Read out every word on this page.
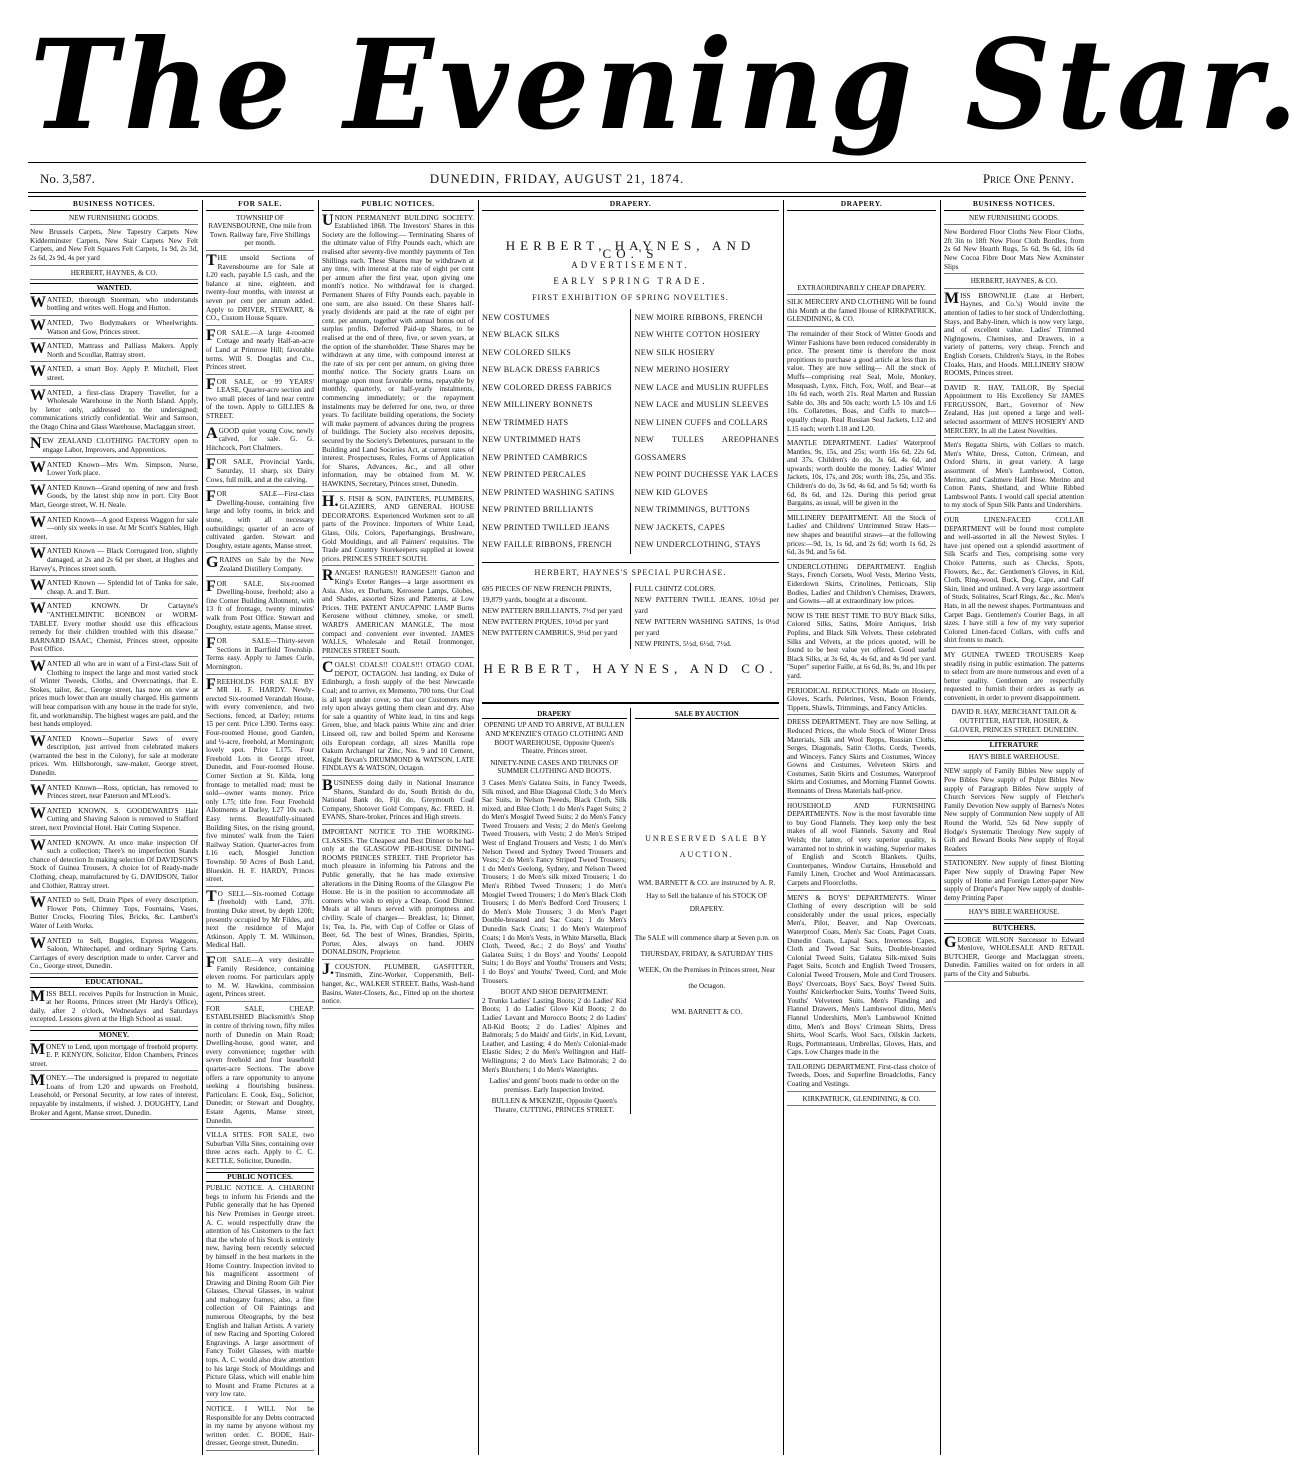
The Evening Star.
No. 3,587.	DUNEDIN, FRIDAY, AUGUST 21, 1874.	Price One Penny.
BUSINESS NOTICES.
NEW FURNISHING GOODS.
New Brussels Carpets, New Tapestry Carpets New Kidderminster Carpets, New Stair Carpets New Felt Carpets, and New Felt Squares Felt Carpets, 1s 9d, 2s 3d, 2s 6d, 2s 9d, 4s per yard
HERBERT, HAYNES, & CO.
WANTED.
WANTED, thorough Storeman, who understands bottling and writes well. Hogg and Hutton.
WANTED, Two Bodymakers or Wheelwrights. Watson and Gow, Princes street.
WANTED, Mattrass and Palliass Makers. Apply North and Scoullar, Rattray street.
WANTED, a smart Boy. Apply P. Mitchell, Fleet street.
WANTED, a first-class Drapery Traveller, for a Wholesale Warehouse in the North Island. Apply, by letter only, addressed to the undersigned; communications strictly confidential. Weir and Samson, the Otago China and Glass Warehouse, Maclaggan street.
NEW ZEALAND CLOTHING FACTORY open to engage Labor, Improvers, and Apprentices.
WANTED Known—Mrs Wm. Simpson, Nurse, Lower York place.
WANTED Known—Grand opening of new and fresh Goods, by the latest ship now in port. City Boot Mart, George street, W. H. Neale.
WANTED Known—A good Express Waggon for sale—only six weeks in use. At Mr Scott's Stables, High street.
WANTED Known — Black Corrugated Iron, slightly damaged, at 2s and 2s 6d per sheet, at Hughes and Harvey's, Princes street south.
WANTED Known — Splendid lot of Tanks for sale, cheap. A. and T. Burt.
WANTED KNOWN. Dr Cartayne's "ANTHELMINTIC BONBON or WORM-TABLET. Every mother should use this efficacious remedy for their children troubled with this disease." BARNARD ISAAC, Chemist, Princes street, opposite Post Office.
WANTED all who are in want of a First-class Suit of Clothing to inspect the large and most varied stock of Winter Tweeds, Cloths, and Overcoatings, that E. Stokes, tailor, &c., George street, has now on view at prices much lower than are usually charged. His garments will bear comparison with any house in the trade for style, fit, and workmanship. The highest wages are paid, and the best hands employed.
WANTED Known—Superior Saws of every description, just arrived from celebrated makers (warranted the best in the Colony), for sale at moderate prices. Wm. Hillsborough, saw-maker, George street, Dunedin.
WANTED Known—Ross, optician, has removed to Princes street, near Paterson and M'Leod's.
WANTED KNOWN. S. GOODEWARD'S Hair Cutting and Shaving Saloon is removed to Stafford street, next Provincial Hotel. Hair Cutting Sixpence.
WANTED KNOWN. At once make inspection Of such a collection; There's no imperfection Stands chance of detection In making selection Of DAVIDSON'S Stock of Guinea Trousers, A choice lot of Ready-made Clothing, cheap, manufactured by G. DAVIDSON, Tailor and Clothier, Rattray street.
WANTED to Sell, Drain Pipes of every description, Flower Pots, Chimney Tops, Fountains, Vases, Butter Crocks, Flooring Tiles, Bricks, &c. Lambert's Water of Leith Works.
WANTED to Sell, Buggies, Express Waggons, Saloon, Whitechapel, and ordinary Spring Carts. Carriages of every description made to order. Carver and Co., George street, Dunedin.
EDUCATIONAL.
MISS BELL receives Pupils for Instruction in Music, at her Rooms, Princes street (Mr Hardy's Office), daily, after 2 o'clock, Wednesdays and Saturdays excepted. Lessons given at the High School as usual.
MONEY.
MONEY to Lend, upon mortgage of freehold property. E. P. KENYON, Solicitor, Eldon Chambers, Princes street.
MONEY.—The undersigned is prepared to negotiate Loans of from L20 and upwards on Freehold, Leasehold, or Personal Security, at low rates of interest, repayable by instalments, if wished. J. DOUGHTY, Land Broker and Agent, Manse street, Dunedin.
FOR SALE.
TOWNSHIP OF RAVENSBOURNE, One mile from Town. Railway fare, Five Shillings per month.
THE unsold Sections of Ravensbourne are for Sale at L20 each, payable L5 cash, and the balance at nine, eighteen, and twenty-four months, with interest at seven per cent per annum added. Apply to DRIVER, STEWART, & CO., Custom House Square.
FOR SALE.—A large 4-roomed Cottage and nearly Half-an-acre of Land at Primrose Hill; favorable terms. Will S. Douglas and Co., Princes street.
FOR SALE, or 99 YEARS' LEASE, Quarter-acre section and two small pieces of land near centre of the town. Apply to GILLIES & STREET.
AGOOD quiet young Cow, newly calved, for sale. G. G. Hitchcock, Port Chalmers.
FOR SALE, Provincial Yards, Saturday, 11 sharp, six Dairy Cows, full milk, and at the calving.
FOR SALE—First-class Dwelling-house, containing five large and lofty rooms, in brick and stone, with all necessary outbuildings; quarter of an acre of cultivated garden. Stewart and Doughty, estate agents, Manse street.
GRAINS on Sale by the New Zealand Distillery Company.
FOR SALE, Six-roomed Dwelling-house, freehold; also a fine Corner Building Allotment, with 13 ft of frontage, twenty minutes' walk from Post Office. Stewart and Doughty, estate agents, Manse street.
FOR SALE—Thirty-seven Sections in Barrfield Township. Terms easy. Apply to James Curle, Mornington.
FREEHOLDS FOR SALE BY MR H. F. HARDY. Newly-erected Six-roomed Verandah House, with every convenience, and two Sections, fenced, at Darley; returns 15 per cent. Price L390. Terms easy. Four-roomed House, good Garden, and ½-acre, freehold, at Mornington; lovely spot. Price L175. Four Freehold Lots in George street, Dunedin, and Four-roomed House. Corner Section at St. Kilda, long frontage to metalled road; must be sold—owner wants money. Price only L75; title free. Four Freehold Allotments at Darley, L27 10s each. Easy terms. Beautifully-situated Building Sites, on the rising ground, five minutes' walk from the Taieri Railway Station. Quarter-acres from L16 each, Mosgiel Junction Township. 50 Acres of Bush Land, Blueskin. H. F. HARDY, Princes street.
TO SELL—Six-roomed Cottage (freehold) with Land, 37ft. fronting Duke street, by depth 120ft; presently occupied by Mr Fildes, and next the residence of Major Atkinson. Apply T. M. Wilkinson, Medical Hall.
FOR SALE—A very desirable Family Residence, containing eleven rooms. For particulars apply to M. W. Hawkins, commission agent, Princes street.
FOR SALE, CHEAP. ESTABLISHED Blacksmith's Shop in centre of thriving town, fifty miles north of Dunedin on Main Road; Dwelling-house, good water, and every convenience; together with seven freehold and four leasehold quarter-acre Sections. The above offers a rare opportunity to anyone seeking a flourishing business. Particulars: E. Cook, Esq., Solicitor, Dunedin; or Stewart and Doughty, Estate Agents, Manse street, Dunedin.
VILLA SITES. FOR SALE, two Suburban Villa Sites, containing over three acres each. Apply to C. C. KETTLE, Solicitor, Dunedin.
PUBLIC NOTICES.
PUBLIC NOTICE. A. CHIARONI begs to inform his Friends and the Public generally that he has Opened his New Premises in George street. A. C. would respectfully draw the attention of his Customers to the fact that the whole of his Stock is entirely new, having been recently selected by himself in the best markets in the Home Country. Inspection invited to his magnificent assortment of Drawing and Dining Room Gilt Pier Glasses, Cheval Glasses, in walnut and mahogany frames; also, a fine collection of Oil Paintings and numerous Oleographs, by the best English and Italian Artists. A variety of new Racing and Sporting Colored Engravings. A large assortment of Fancy Toilet Glasses, with marble tops. A. C. would also draw attention to his large Stock of Mouldings and Picture Glass, which will enable him to Mount and Frame Pictures at a very low rate.
NOTICE. I WILL Not be Responsible for any Debts contracted in my name by anyone without my written order. C. BODE, Hair-dresser, George street, Dunedin.
PUBLIC NOTICES.
UNION PERMANENT BUILDING SOCIETY. Established 1868. The Investors' Shares in this Society are the following:— Terminating Shares of the ultimate value of Fifty Pounds each, which are realised after seventy-five monthly payments of Ten Shillings each. These Shares may be withdrawn at any time, with interest at the rate of eight per cent per annum after the first year, upon giving one month's notice. No withdrawal fee is charged. Permanent Shares of Fifty Pounds each, payable in one sum, are also issued. On these Shares half-yearly dividends are paid at the rate of eight per cent. per annum, together with annual bonus out of surplus profits. Deferred Paid-up Shares, to be realised at the end of three, five, or seven years, at the option of the shareholder. These Shares may be withdrawn at any time, with compound interest at the rate of six per cent per annum, on giving three months' notice. The Society grants Loans on mortgage upon most favorable terms, repayable by monthly, quarterly, or half-yearly instalments, commencing immediately; or the repayment instalments may be deferred for one, two, or three years. To facilitate building operations, the Society will make payment of advances during the progress of buildings. The Society also receives deposits, secured by the Society's Debentures, pursuant to the Building and Land Societies Act, at current rates of interest. Prospectuses, Rules, Forms of Application for Shares, Advances, &c., and all other information, may be obtained from M. W. HAWKINS, Secretary, Princes street, Dunedin.
H.S. FISH & SON, PAINTERS, PLUMBERS, GLAZIERS, AND GENERAL HOUSE DECORATORS. Experienced Workmen sent to all parts of the Province. Importers of White Lead, Glass, Oils, Colors, Paperhangings, Brushware, Gold Mouldings, and all Painters' requisites. The Trade and Country Storekeepers supplied at lowest prices. PRINCES STREET SOUTH.
RANGES! RANGES!! RANGES!!! Garton and King's Exeter Ranges—a large assortment ex Asia. Also, ex Durham, Kerosene Lamps, Globes, and Shades, assorted Sizes and Patterns, at Low Prices. THE PATENT ANUCAPNIC LAMP Burns Kerosene without chimney, smoke, or smell. WARD'S AMERICAN MANGLE, The most compact and convenient ever invented. JAMES WALLS, Wholesale and Retail Ironmonger, PRINCES STREET South.
COALS! COALS!! COALS!!! OTAGO COAL DEPOT, OCTAGON. Just landing, ex Duke of Edinburgh, a fresh supply of the best Newcastle Coal; and to arrive, ex Memento, 700 tons. Our Coal is all kept under cover, so that our Customers may rely upon always getting them clean and dry. Also for sale a quantity of White lead, in tins and kegs Green, blue, and black paints White zinc and drier Linseed oil, raw and boiled Sperm and Kerosene oils European cordage, all sizes Manilla rope Oakum Archangel tar Zinc, Nos. 9 and 10 Cement, Knight Bevan's DRUMMOND & WATSON, LATE FINDLAYS & WATSON, Octagon.
BUSINESS doing daily in National Insurance Shares, Standard do do, South British do do, National Bank do, Fiji do, Greymouth Coal Company, Shotover Gold Company, &c. FRED. H. EVANS, Share-broker, Princes and High streets.
IMPORTANT NOTICE TO THE WORKING-CLASSES. The Cheapest and Best Dinner to be had only at the GLASGOW PIE-HOUSE DINING-ROOMS PRINCES STREET. THE Proprietor has much pleasure in informing his Patrons and the Public generally, that he has made extensive alterations in the Dining Rooms of the Glasgow Pie House. He is in the position to accommodate all comers who wish to enjoy a Cheap, Good Dinner. Meals at all hours served with promptness and civility. Scale of charges— Breakfast, 1s; Dinner, 1s; Tea, 1s. Pie, with Cup of Coffee or Glass of Beer, 6d. The best of Wines, Brandies, Spirits, Porter, Ales, always on hand. JOHN DONALDSON, Proprietor.
J.COUSTON, PLUMBER, GASFITTER, Tinsmith, Zinc-Worker, Coppersmith, Bell-hanger, &c., WALKER STREET. Baths, Wash-hand Basins, Water-Closets, &c., Fitted up on the shortest notice.
DRAPERY.
HERBERT, HAYNES, AND CO.'S
ADVERTISEMENT.
EARLY SPRING TRADE.
FIRST EXHIBITION OF SPRING NOVELTIES.
NEW COSTUMES
NEW BLACK SILKS
NEW COLORED SILKS
NEW BLACK DRESS FABRICS
NEW COLORED DRESS FABRICS
NEW MILLINERY BONNETS
NEW TRIMMED HATS
NEW UNTRIMMED HATS
NEW PRINTED CAMBRICS
NEW PRINTED PERCALES
NEW PRINTED WASHING SATINS
NEW PRINTED BRILLIANTS
NEW PRINTED TWILLED JEANS
NEW FAILLE RIBBONS, FRENCH
NEW MOIRE RIBBONS, FRENCH
NEW WHITE COTTON HOSIERY
NEW SILK HOSIERY
NEW MERINO HOSIERY
NEW LACE and MUSLIN RUFFLES
NEW LACE and MUSLIN SLEEVES
NEW LINEN CUFFS and COLLARS
NEW TULLES AREOPHANES GOSSAMERS
NEW POINT DUCHESSE YAK LACES
NEW KID GLOVES
NEW TRIMMINGS, BUTTONS
NEW JACKETS, CAPES
NEW UNDERCLOTHING, STAYS
HERBERT, HAYNES'S SPECIAL PURCHASE.
695 PIECES OF NEW FRENCH PRINTS,
19,879 yards, bought at a discount.
NEW PATTERN BRILLIANTS, 7½d per yard
NEW PATTERN PIQUES, 10½d per yard
NEW PATTERN CAMBRICS, 9½d per yard
FULL CHINTZ COLORS.
NEW PATTERN TWILL JEANS, 10½d per yard
NEW PATTERN WASHING SATINS, 1s 0½d per yard
NEW PRINTS, 5½d, 6½d, 7½d.
HERBERT, HAYNES, AND CO.
DRAPERY
OPENING UP AND TO ARRIVE, AT BULLEN AND M'KENZIE'S OTAGO CLOTHING AND BOOT WAREHOUSE, Opposite Queen's Theatre, Princes street.
NINETY-NINE CASES AND TRUNKS OF SUMMER CLOTHING AND BOOTS.
3 Cases Men's Galatea Suits, in Fancy Tweeds, Silk mixed, and Blue Diagonal Cloth; 3 do Men's Sac Suits, in Nelson Tweeds, Black Cloth, Silk mixed, and Blue Cloth; 1 do Men's Paget Suits; 2 do Men's Mosgiel Tweed Suits; 2 do Men's Fancy Tweed Trousers and Vests; 2 do Men's Geelong Tweed Trousers, with Vests; 2 do Men's Striped West of England Trousers and Vests; 1 do Men's Nelson Tweed and Sydney Tweed Trousers and Vests; 2 do Men's Fancy Striped Tweed Trousers; 1 do Men's Geelong, Sydney, and Nelson Tweed Trousers; 1 do Men's silk mixed Trousers; 1 do Men's Ribbed Tweed Trousers; 1 do Men's Mosgiel Tweed Trousers; 1 do Men's Black Cloth Trousers; 1 do Men's Bedford Cord Trousers; 1 do Men's Mole Trousers; 3 do Men's Paget Double-breasted and Sac Coats; 1 do Men's Dunedin Sack Coats; 1 do Men's Waterproof Coats; 1 do Men's Vests, in White Marsella, Black Cloth, Tweed, &c.; 2 do Boys' and Youths' Galatea Suits; 1 do Boys' and Youths' Leopold Suits; 1 do Boys' and Youths' Trousers and Vests; 1 do Boys' and Youths' Tweed, Cord, and Mole Trousers.
BOOT AND SHOE DEPARTMENT.
2 Trunks Ladies' Lasting Boots; 2 do Ladies' Kid Boots; 1 do Ladies' Glove Kid Boots; 2 do Ladies' Levant and Morocco Boots; 2 do Ladies' All-Kid Boots; 2 do Ladies' Alpines and Balmorals; 5 do Maids' and Girls', in Kid, Levant, Leather, and Lasting; 4 do Men's Colonial-made Elastic Sides; 2 do Men's Wellington and Half-Wellingtons; 2 do Men's Lace Balmorals; 2 do Men's Blutchers; 1 do Men's Waterights.
Ladies' and gents' boots made to order on the premises. Early Inspection Invited.
BULLEN & M'KENZIE, Opposite Queen's Theatre, CUTTING, PRINCES STREET.
SALE BY AUCTION
UNRESERVED SALE BY AUCTION.
WM. BARNETT & CO. are instructed by A. R. Hay to Sell the balance of his STOCK OF DRAPERY.
The SALE will commence sharp at Seven p.m. on THURSDAY, FRIDAY, & SATURDAY THIS WEEK, On the Premises in Princes street, Near the Octagon.
WM. BARNETT & CO.
DRAPERY.
EXTRAORDINARILY CHEAP DRAPERY.
SILK MERCERY AND CLOTHING Will be found this Month at the famed House of KIRKPATRICK, GLENDINING, & CO.
The remainder of their Stock of Winter Goods and Winter Fashions have been reduced considerably in price. The present time is therefore the most propitious to purchase a good article at less than its value. They are now selling— All the stock of Muffs—comprising real Seal, Mole, Monkey, Musquash, Lynx, Fitch, Fox, Wolf, and Bear—at 10s 6d each, worth 21s. Real Marten and Russian Sable do, 30s and 50s each; worth L5 10s and L6 10s. Collarettes, Boas, and Cuffs to match—equally cheap. Real Russian Seal Jackets, L12 and L15 each; worth L18 and L20.
MANTLE DEPARTMENT. Ladies' Waterproof Mantles, 9s, 15s, and 25s; worth 16s 6d, 22s 6d, and 37s. Children's do do, 3s 6d, 4s 6d, and upwards; worth double the money. Ladies' Winter Jackets, 10s, 17s, and 20s; worth 18s, 25s, and 35s. Children's do do, 3s 6d, 4s 6d, and 5s 6d; worth 6s 6d, 8s 6d, and 12s. During this period great Bargains, as usual, will be given in the
MILLINERY DEPARTMENT. All the Stock of Ladies' and Childrens' Untrimmed Straw Hats—new shapes and beautiful straws—at the following prices:—9d, 1s, 1s 6d, and 2s 6d; worth 1s 6d, 2s 6d, 3s 9d, and 5s 6d.
UNDERCLOTHING DEPARTMENT. English Stays, French Corsets, Wool Vests, Merino Vests, Eiderdown Skirts, Crinolines, Petticoats, Slip Bodies, Ladies' and Children's Chemises, Drawers, and Gowns—all at extraordinary low prices.
NOW IS THE BEST TIME TO BUY Black Silks, Colored Silks, Satins, Moire Antiques, Irish Poplins, and Black Silk Velvets. These celebrated Silks and Velvets, at the prices quoted, will be found to be best value yet offered. Good useful Black Silks, at 3s 6d, 4s, 4s 6d, and 4s 9d per yard. "Super" superior Faille, at 6s 6d, 8s, 9s, and 10s per yard.
PERIODICAL REDUCTIONS. Made on Hosiery, Gloves, Scarfs, Pelerines, Vests, Boson Friends, Tippets, Shawls, Trimmings, and Fancy Articles.
DRESS DEPARTMENT. They are now Selling, at Reduced Prices, the whole Stock of Winter Dress Materials, Silk and Wool Repps, Russian Cloths, Serges, Diagonals, Satin Cloths, Cords, Tweeds, and Winceys. Fancy Skirts and Costumes, Wincey Gowns and Costumes, Velveteen Skirts and Costumes, Satin Skirts and Costumes, Waterproof Skirts and Costumes, and Morning Flannel Gowns. Remnants of Dress Materials half-price.
HOUSEHOLD AND FURNISHING DEPARTMENTS. Now is the most favorable time to buy Good Flannels. They keep only the best makes of all wool Flannels. Saxony and Real Welsh; the latter, of very superior quality, is warranted not to shrink in washing. Superior makes of English and Scotch Blankets. Quilts, Counterpanes, Window Curtains, Household and Family Linen, Crochet and Wool Antimacassars. Carpets and Floorcloths.
MEN'S & BOYS' DEPARTMENTS. Winter Clothing of every description will be sold considerably under the usual prices, especially Men's, Pilot, Beaver, and Nap Overcoats, Waterproof Coats, Men's Sac Coats, Paget Coats, Dunedin Coats, Lapsal Sacs, Inverness Capes, Cloth and Tweed Sac Suits, Double-breasted Colonial Tweed Suits, Galatea Silk-mixed Suits Paget Suits, Scotch and English Tweed Trousers, Colonial Tweed Trousers, Mole and Cord Trousers. Boys' Overcoats, Boys' Sacs, Boys' Tweed Suits. Youths' Knickerbocker Suits, Youths' Tweed Suits, Youths' Velveteen Suits. Men's Flanding and Flannel Drawers, Men's Lambswool ditto, Men's Flannel Undershirts, Men's Lambswool Knitted ditto, Men's and Boys' Crimean Shirts, Dress Shirts, Wool Scarfs, Wool Sacs, Oilskin Jackets, Rugs, Portmanteaus, Umbrellas, Gloves, Hats, and Caps. Low Charges made in the
TAILORING DEPARTMENT. First-class choice of Tweeds, Does, and Superfine Broadcloths, Fancy Coating and Vestings.
KIRKPATRICK, GLENDINING, & CO.
BUSINESS NOTICES.
NEW FURNISHING GOODS.
New Bordered Floor Cloths New Floor Cloths, 2ft 3in to 18ft New Floor Cloth Bordles, from 2s 6d New Hearth Rugs, 5s 6d, 9s 6d, 10s 6d New Cocoa Fibre Door Mats New Axminster Slips
HERBERT, HAYNES, & CO.
MISS BROWNLIE (Late at Herbert, Haynes, and Co.'s) Would invite the attention of ladies to her stock of Underclothing, Stays, and Baby-linen, which is now very large, and of excellent value. Ladies' Trimmed Nightgowns, Chemises, and Drawers, in a variety of patterns, very cheap. French and English Corsets, Children's Stays, in the Robes Cloaks, Hats, and Hoods. MILLINERY SHOW ROOMS, Princes street.
DAVID R. HAY, TAILOR, By Special Appointment to His Excellency Sir JAMES FERGUSSON, Bart., Governor of New Zealand, Has just opened a large and well-selected assortment of MEN'S HOSIERY AND MERCERY, In all the Latest Novelties.
Men's Regatta Shirts, with Collars to match. Men's White, Dress, Cotton, Crimean, and Oxford Shirts, in great variety. A large assortment of Men's Lambswool, Cotton, Merino, and Cashmere Half Hose. Merino and Cotton Pants, Shetland, and White Ribbed Lambswool Pants. I would call special attention to my stock of Spun Silk Pants and Undershirts.
OUR LINEN-FACED COLLAR DEPARTMENT will be found most complete and well-assorted in all the Newest Styles. I have just opened out a splendid assortment of Silk Scarfs and Ties, comprising some very Choice Patterns, such as Checks, Spots, Flowers, &c., &c. Gentlemen's Gloves, in Kid, Cloth, Ring-wood, Buck, Dog, Cape, and Calf Skin, lined and unlined. A very large assortment of Studs, Solitaires, Scarf Rings, &c., &c. Men's Hats, in all the newest shapes. Portmanteaus and Carpet Bags. Gentlemen's Courier Bags, in all sizes. I have still a few of my very superior Colored Linen-faced Collars, with cuffs and shirt fronts to match.
MY GUINEA TWEED TROUSERS Keep steadily rising in public estimation. The patterns to select from are more numerous and even of a better quality. Gentlemen are respectfully requested to furnish their orders as early as convenient, in order to prevent disappointment.
DAVID R. HAY, MERCHANT TAILOR & OUTFITTER, HATTER, HOSIER, & GLOVER, PRINCES STREET. DUNEDIN.
LITERATURE
HAY'S BIBLE WAREHOUSE.
NEW supply of Family Bibles New supply of Pew Bibles New supply of Pulpit Bibles New supply of Paragraph Bibles New supply of Church Services New supply of Fletcher's Family Devotion New supply of Barnes's Notes New supply of Communion New supply of All Round the World, 52s 6d New supply of Hodge's Systematic Theology New supply of Gift and Reward Books New supply of Royal Readers
STATIONERY. New supply of finest Blotting Paper New supply of Drawing Paper New supply of Home and Foreign Letter-paper New supply of Draper's Paper New supply of double-demy Printing Paper
HAY'S BIBLE WAREHOUSE.
BUTCHERS.
GEORGE WILSON Successor to Edward Menlove, WHOLESALE AND RETAIL BUTCHER, George and Maclaggan streets, Dunedin. Families waited on for orders in all parts of the City and Suburbs.
